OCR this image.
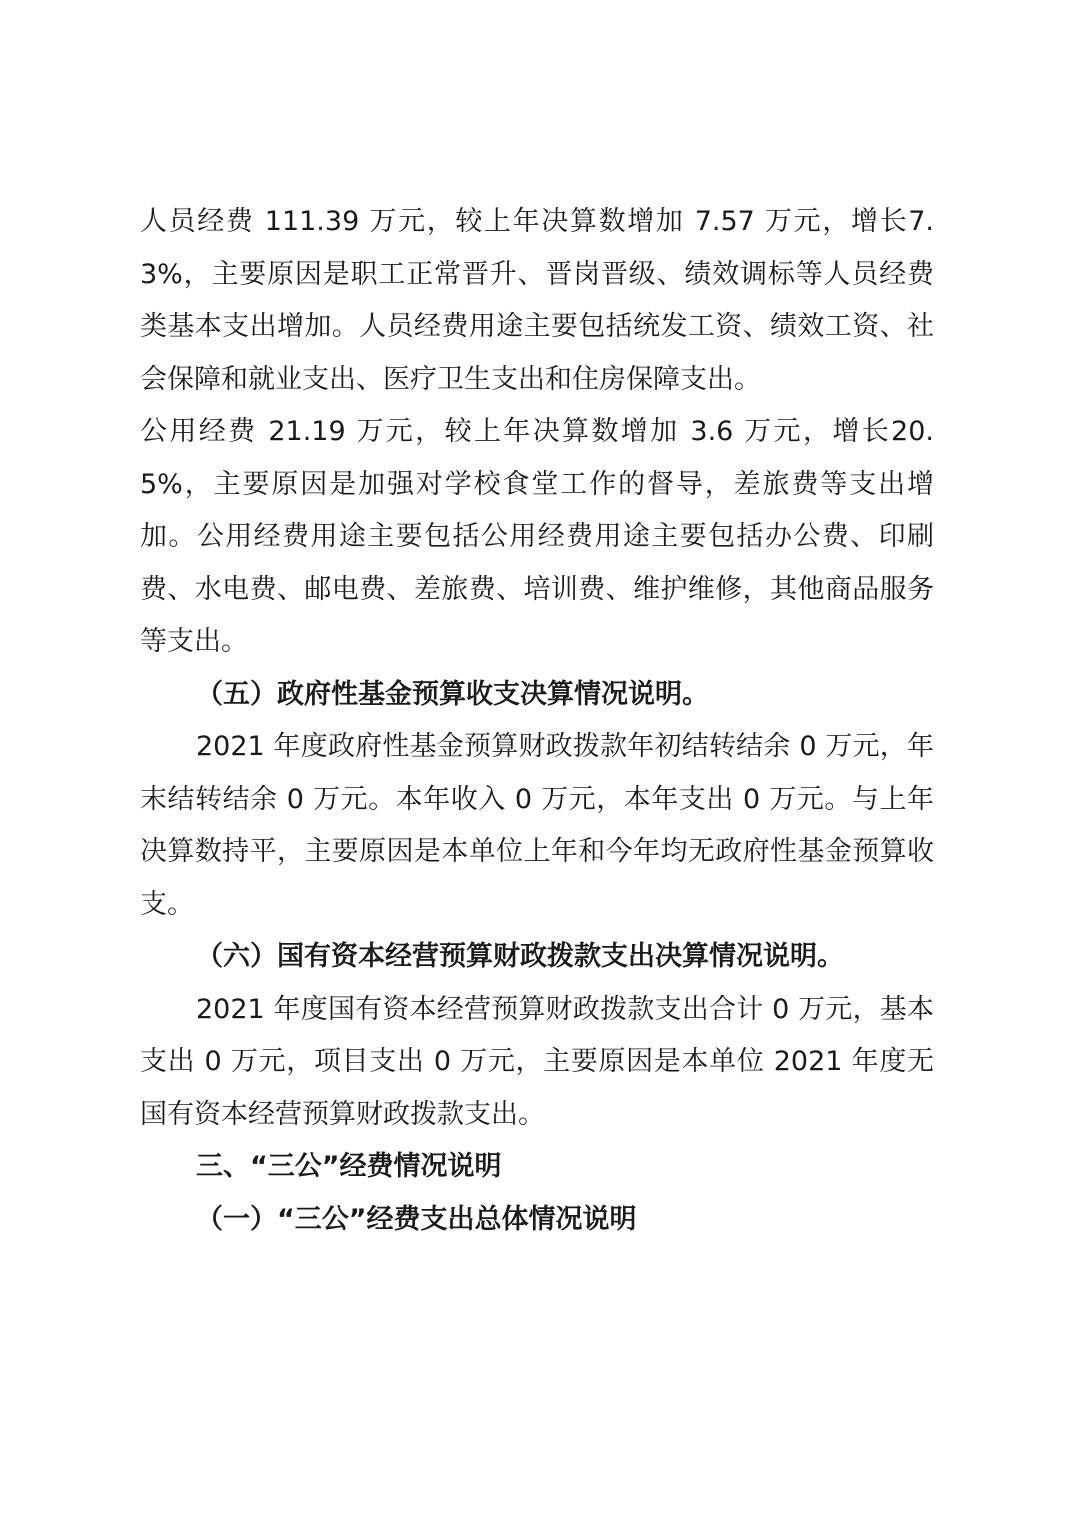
人员经费 111.39 万元，较上年决算数增加 7.57 万元，增长7.3%，主要原因是职工正常晋升、晋岗晋级、绩效调标等人员经费类基本支出增加。人员经费用途主要包括统发工资、绩效工资、社会保障和就业支出、医疗卫生支出和住房保障支出。

公用经费 21.19 万元，较上年决算数增加 3.6 万元，增长20.5%，主要原因是加强对学校食堂工作的督导，差旅费等支出增加。公用经费用途主要包括公用经费用途主要包括办公费、印刷费、水电费、邮电费、差旅费、培训费、维护维修，其他商品服务等支出。

（五）政府性基金预算收支决算情况说明。

2021 年度政府性基金预算财政拨款年初结转结余 0 万元，年末结转结余 0 万元。本年收入 0 万元，本年支出 0 万元。与上年决算数持平，主要原因是本单位上年和今年均无政府性基金预算收支。

（六）国有资本经营预算财政拨款支出决算情况说明。

2021 年度国有资本经营预算财政拨款支出合计 0 万元，基本支出 0 万元，项目支出 0 万元，主要原因是本单位 2021 年度无国有资本经营预算财政拨款支出。

三、“三公”经费情况说明

（一）“三公”经费支出总体情况说明
